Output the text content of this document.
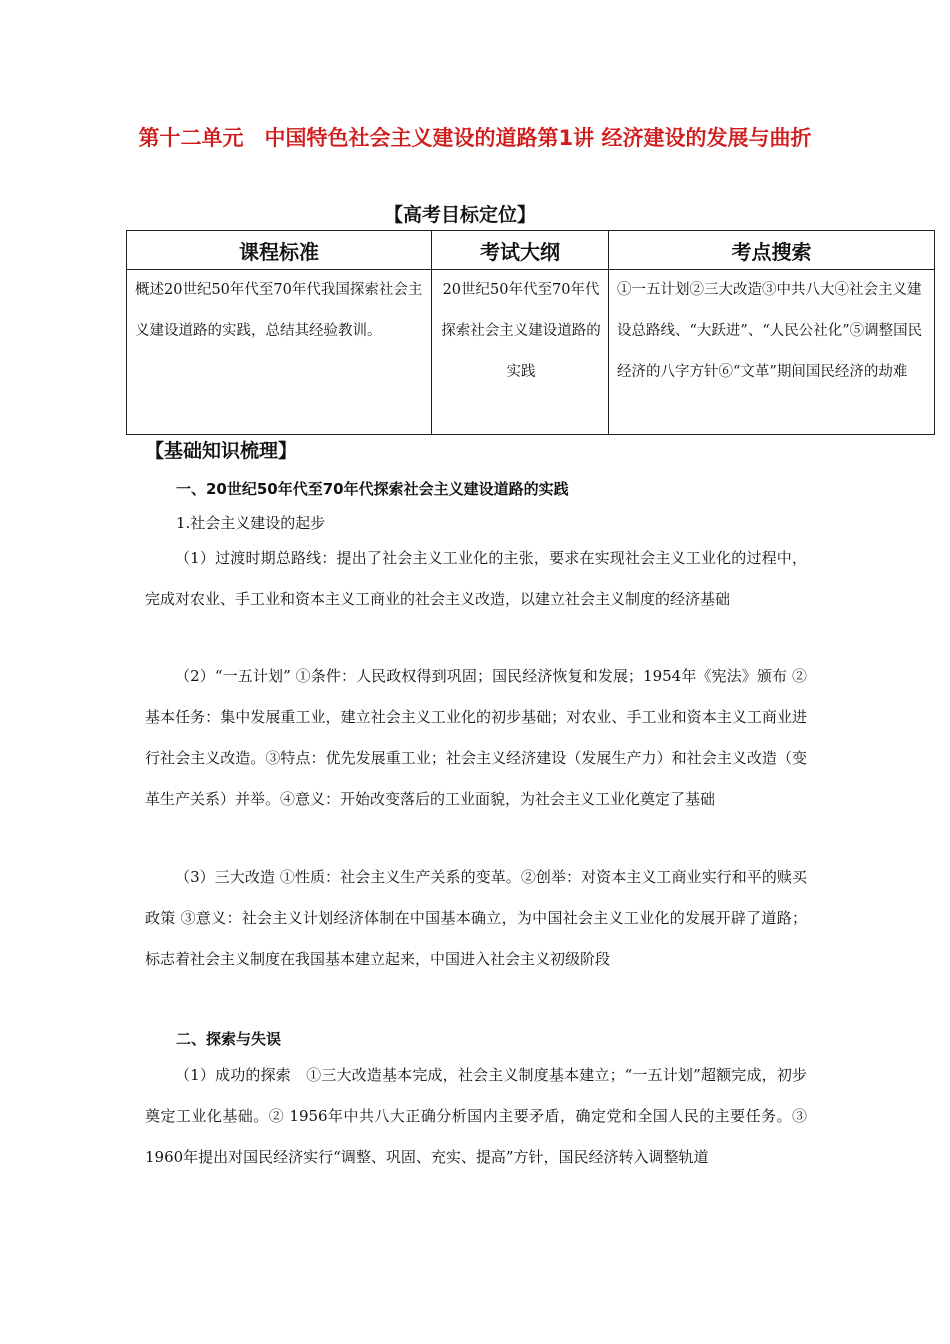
第十二单元　中国特色社会主义建设的道路第1讲 经济建设的发展与曲折
【高考目标定位】
课程标准	考试大纲	考点搜索
概述20世纪50年代至70年代我国探索社会主义建设道路的实践，总结其经验教训。	20世纪50年代至70年代探索社会主义建设道路的实践	①一五计划②三大改造③中共八大④社会主义建设总路线、“大跃进”、“人民公社化”⑤调整国民经济的八字方针⑥“文革”期间国民经济的劫难
【基础知识梳理】
一、20世纪50年代至70年代探索社会主义建设道路的实践
1.社会主义建设的起步
（1）过渡时期总路线：提出了社会主义工业化的主张，要求在实现社会主义工业化的过程中，完成对农业、手工业和资本主义工商业的社会主义改造，以建立社会主义制度的经济基础
（2）“一五计划” ①条件：人民政权得到巩固；国民经济恢复和发展；1954年《宪法》颁布 ②基本任务：集中发展重工业，建立社会主义工业化的初步基础；对农业、手工业和资本主义工商业进行社会主义改造。③特点：优先发展重工业；社会主义经济建设（发展生产力）和社会主义改造（变革生产关系）并举。④意义：开始改变落后的工业面貌，为社会主义工业化奠定了基础
（3）三大改造 ①性质：社会主义生产关系的变革。②创举：对资本主义工商业实行和平的赎买政策 ③意义：社会主义计划经济体制在中国基本确立，为中国社会主义工业化的发展开辟了道路；标志着社会主义制度在我国基本建立起来，中国进入社会主义初级阶段
二、探索与失误
（1）成功的探索　①三大改造基本完成，社会主义制度基本建立；“一五计划”超额完成，初步奠定工业化基础。② 1956年中共八大正确分析国内主要矛盾，确定党和全国人民的主要任务。③ 1960年提出对国民经济实行“调整、巩固、充实、提高”方针，国民经济转入调整轨道
